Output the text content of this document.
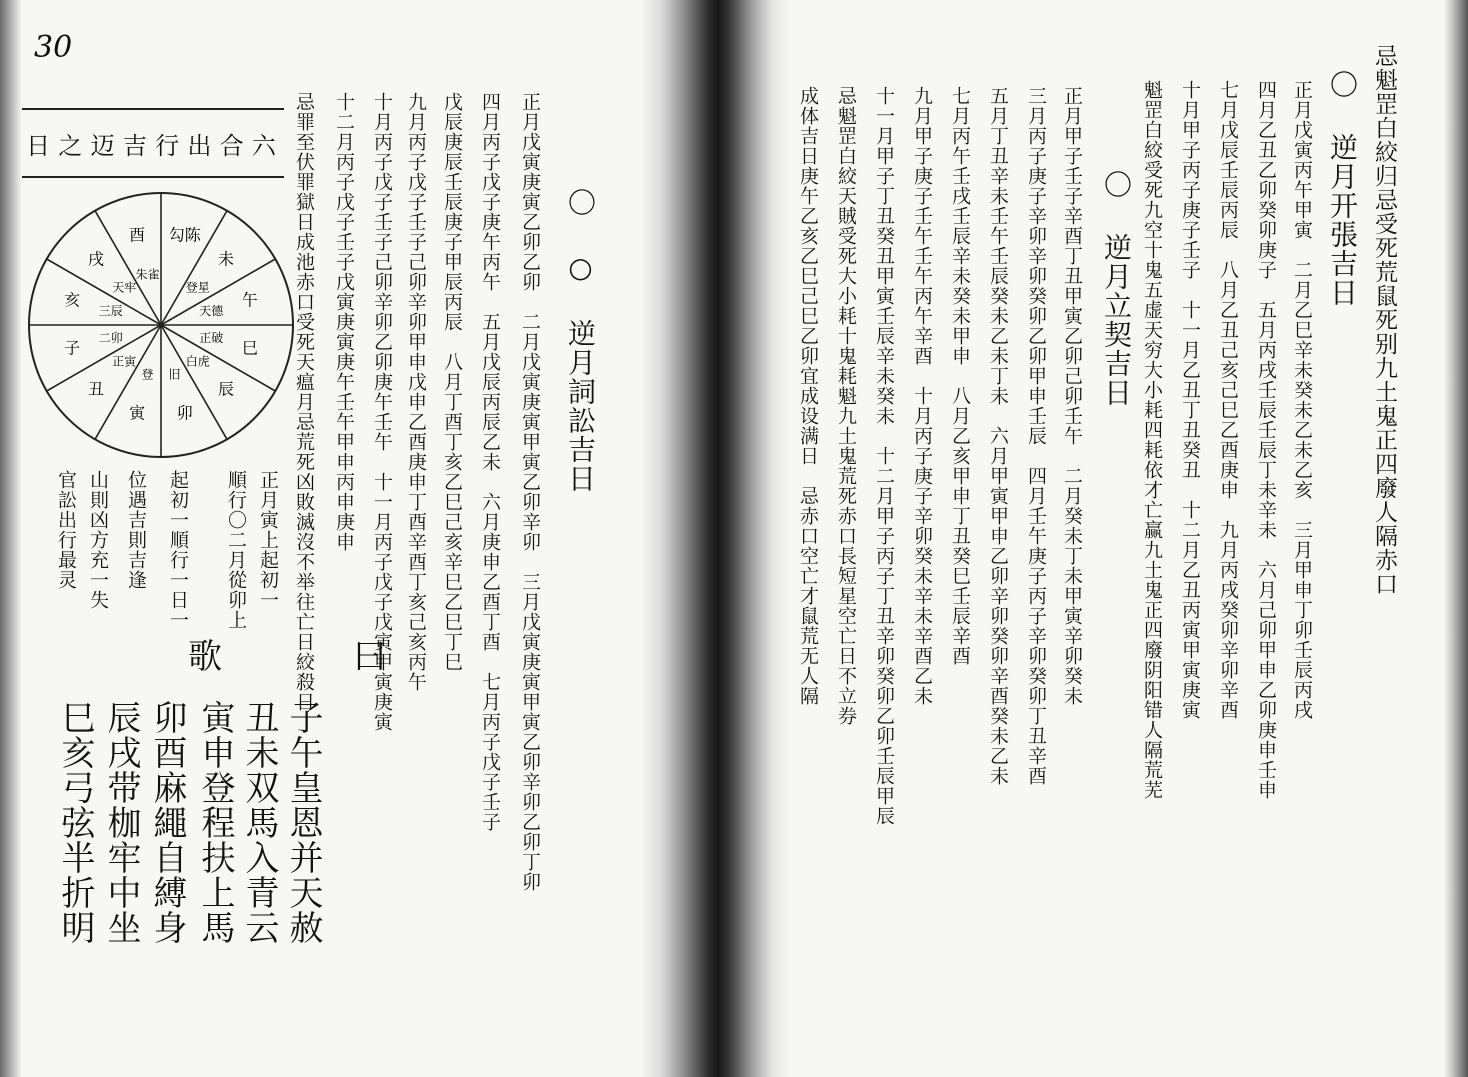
30
六
合
出
行
吉
迈
之
日
勾陈
未
登星
午
天德
巳
正破
辰
白虎
卯
旧
寅
登
丑
正寅
子
二卯
亥
三辰
戌
天牢
酉
朱雀
正月寅上起初一
順行〇二月從卯上
起初一順行一日一
位遇吉則吉逢
山則凶方充一失
官訟出行最灵
歌 曰
子午皇恩并天赦
丑未双馬入青云
寅申登程扶上馬
卯酉麻繩自縛身
辰戌带枷牢中坐
巳亥弓弦半折明
〇 ○ 逆月詞訟吉日
正月戊寅庚寅乙卯乙卯　二月戊寅庚寅甲寅乙卯辛卯　三月戊寅庚寅甲寅乙卯辛卯乙卯丁卯
四月丙子戊子庚午丙午　五月戊辰丙辰乙未　六月庚申乙酉丁酉　七月丙子戊子壬子
戊辰庚辰壬辰庚子甲辰丙辰　八月丁酉丁亥乙巳己亥辛巳乙巳丁巳
九月丙子戊子壬子己卯辛卯甲申戊申乙酉庚申丁酉辛酉丁亥己亥丙午
十月丙子戊子壬子己卯辛卯乙卯庚午壬午　十一月丙子戊子戊寅甲寅庚寅
十二月丙子戊子壬子戊寅庚寅庚午壬午甲申丙申庚申
忌罪至伏罪獄日成池赤口受死天瘟月忌荒死凶敗滅沒不举往亡日絞殺日	忌魁罡白絞归忌受死荒鼠死别九土鬼正四廢人隔赤口
〇 逆月开張吉日
正月戊寅丙午甲寅　二月乙巳辛未癸未乙未乙亥　三月甲申丁卯壬辰丙戌
四月乙丑乙卯癸卯庚子　五月丙戌壬辰壬辰丁未辛未　六月己卯甲申乙卯庚申壬申
七月戊辰壬辰丙辰　八月乙丑己亥己巳乙酉庚申　九月丙戌癸卯辛卯辛酉
十月甲子丙子庚子壬子　十一月乙丑丁丑癸丑　十二月乙丑丙寅甲寅庚寅
魁罡白絞受死九空十鬼五虚天穷大小耗四耗依才亡赢九土鬼正四廢阴阳错人隔荒芜
〇 逆月立契吉日
正月甲子壬子辛酉丁丑甲寅乙卯己卯壬午　二月癸未丁未甲寅辛卯癸未
三月丙子庚子辛卯辛卯癸卯乙卯甲申壬辰　四月壬午庚子丙子辛卯癸卯丁丑辛酉
五月丁丑辛未壬午壬辰癸未乙未丁未　六月甲寅甲申乙卯辛卯癸卯辛酉癸未乙未
七月丙午壬戌壬辰辛未癸未甲申　八月乙亥甲申丁丑癸巳壬辰辛酉
九月甲子庚子壬午壬午丙午辛酉　十月丙子庚子辛卯癸未辛未辛酉乙未
十一月甲子丁丑癸丑甲寅壬辰辛未癸未　十二月甲子丙子丁丑辛卯癸卯乙卯壬辰甲辰
忌魁罡白絞天賊受死大小耗十鬼耗魁九土鬼荒死赤口長短星空亡日不立券
成体吉日庚午乙亥乙巳己巳乙卯宜成设满日　忌赤口空亡才鼠荒无人隔
